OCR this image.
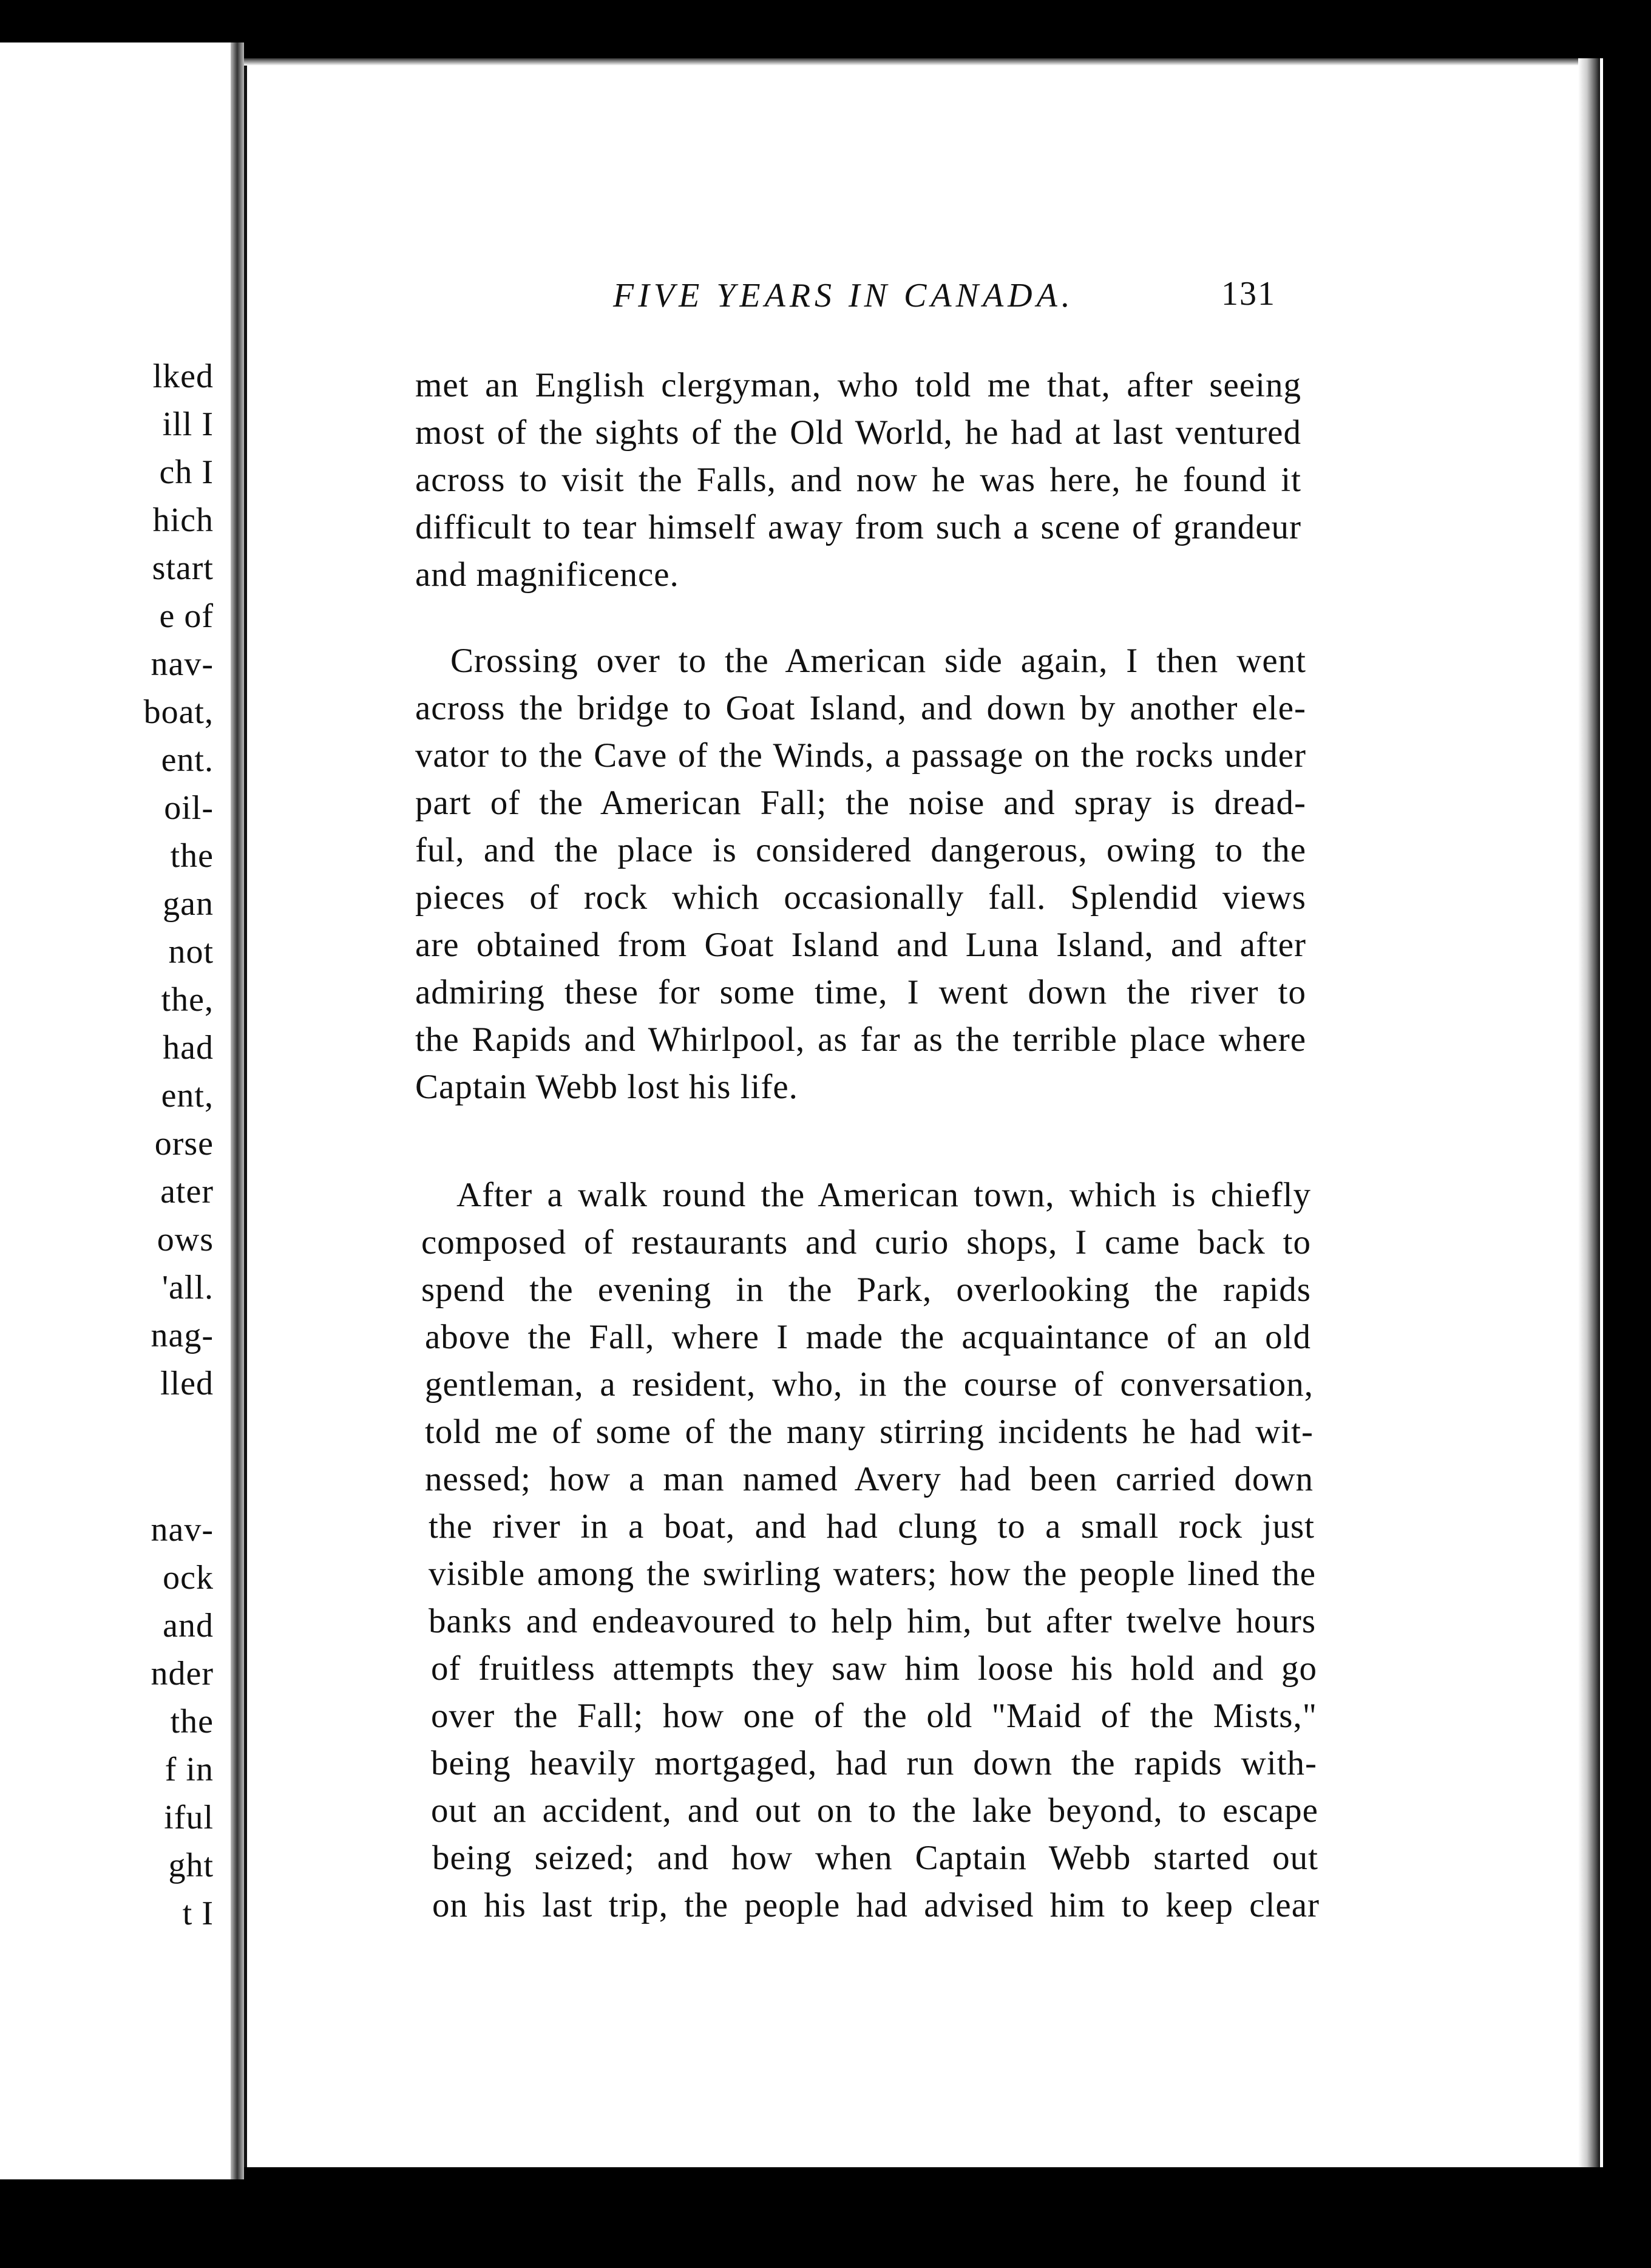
lked
ill I
ch I
hich
start
e of
nav-
boat,
ent.
oil-
the
gan
not
the,
had
ent,
orse
ater
ows
'all.
nag-
lled
nav-
ock
and
nder
the
f in
iful
ght
t I
FIVE YEARS IN CANADA.	131
met an English clergyman, who told me that, after seeing
most of the sights of the Old World, he had at last ventured
across to visit the Falls, and now he was here, he found it
difficult to tear himself away from such a scene of grandeur
and magnificence.
Crossing over to the American side again, I then went
across the bridge to Goat Island, and down by another ele-
vator to the Cave of the Winds, a passage on the rocks under
part of the American Fall; the noise and spray is dread-
ful, and the place is considered dangerous, owing to the
pieces of rock which occasionally fall. Splendid views
are obtained from Goat Island and Luna Island, and after
admiring these for some time, I went down the river to
the Rapids and Whirlpool, as far as the terrible place where
Captain Webb lost his life.
After a walk round the American town, which is chiefly
composed of restaurants and curio shops, I came back to
spend the evening in the Park, overlooking the rapids
above the Fall, where I made the acquaintance of an old
gentleman, a resident, who, in the course of conversation,
told me of some of the many stirring incidents he had wit-
nessed; how a man named Avery had been carried down
the river in a boat, and had clung to a small rock just
visible among the swirling waters; how the people lined the
banks and endeavoured to help him, but after twelve hours
of fruitless attempts they saw him loose his hold and go
over the Fall; how one of the old "Maid of the Mists,"
being heavily mortgaged, had run down the rapids with-
out an accident, and out on to the lake beyond, to escape
being seized; and how when Captain Webb started out
on his last trip, the people had advised him to keep clear
